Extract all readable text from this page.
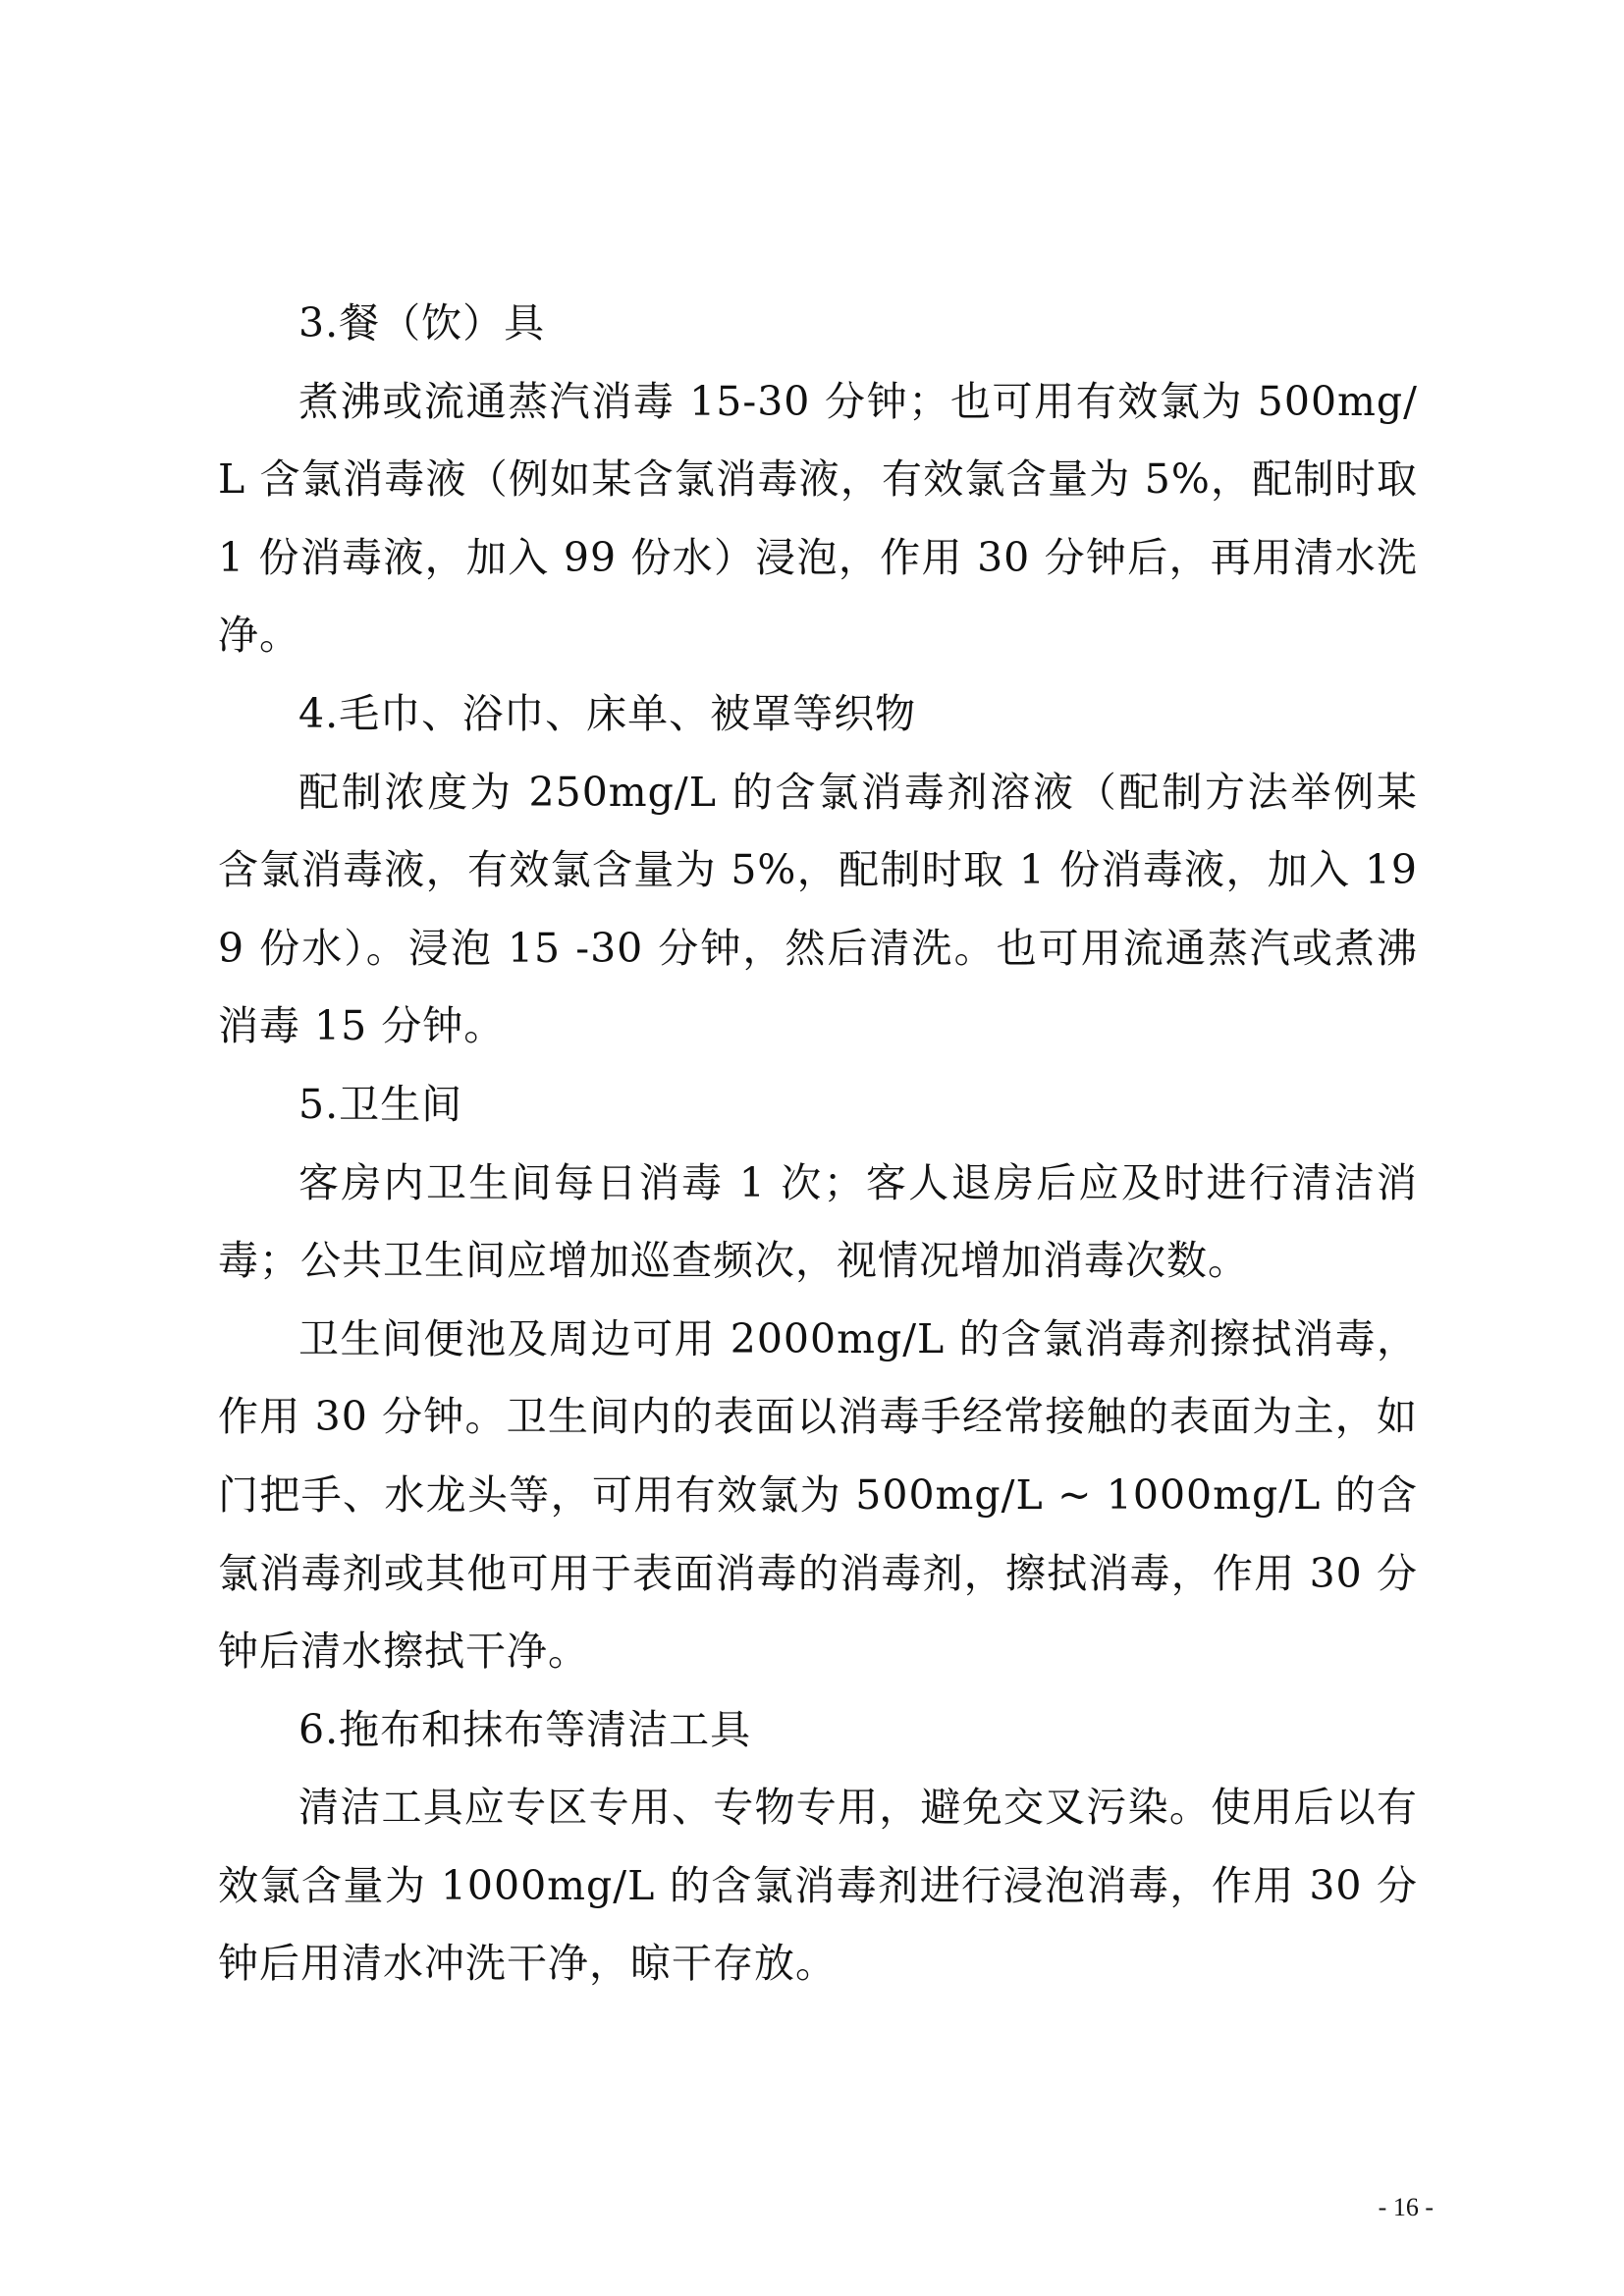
3.餐（饮）具

煮沸或流通蒸汽消毒 15-30 分钟；也可用有效氯为 500mg/L 含氯消毒液（例如某含氯消毒液，有效氯含量为 5%，配制时取 1 份消毒液，加入 99 份水）浸泡，作用 30 分钟后，再用清水洗净。

4.毛巾、浴巾、床单、被罩等织物

配制浓度为 250mg/L 的含氯消毒剂溶液（配制方法举例某含氯消毒液，有效氯含量为 5%，配制时取 1 份消毒液，加入 199 份水）。浸泡 15 -30 分钟，然后清洗。也可用流通蒸汽或煮沸消毒 15 分钟。

5.卫生间

客房内卫生间每日消毒 1 次；客人退房后应及时进行清洁消毒；公共卫生间应增加巡查频次，视情况增加消毒次数。

卫生间便池及周边可用 2000mg/L 的含氯消毒剂擦拭消毒，作用 30 分钟。卫生间内的表面以消毒手经常接触的表面为主，如门把手、水龙头等，可用有效氯为 500mg/L ~ 1000mg/L 的含氯消毒剂或其他可用于表面消毒的消毒剂，擦拭消毒，作用 30 分钟后清水擦拭干净。

6.拖布和抹布等清洁工具

清洁工具应专区专用、专物专用，避免交叉污染。使用后以有效氯含量为 1000mg/L 的含氯消毒剂进行浸泡消毒，作用 30 分钟后用清水冲洗干净，晾干存放。

- 16 -
